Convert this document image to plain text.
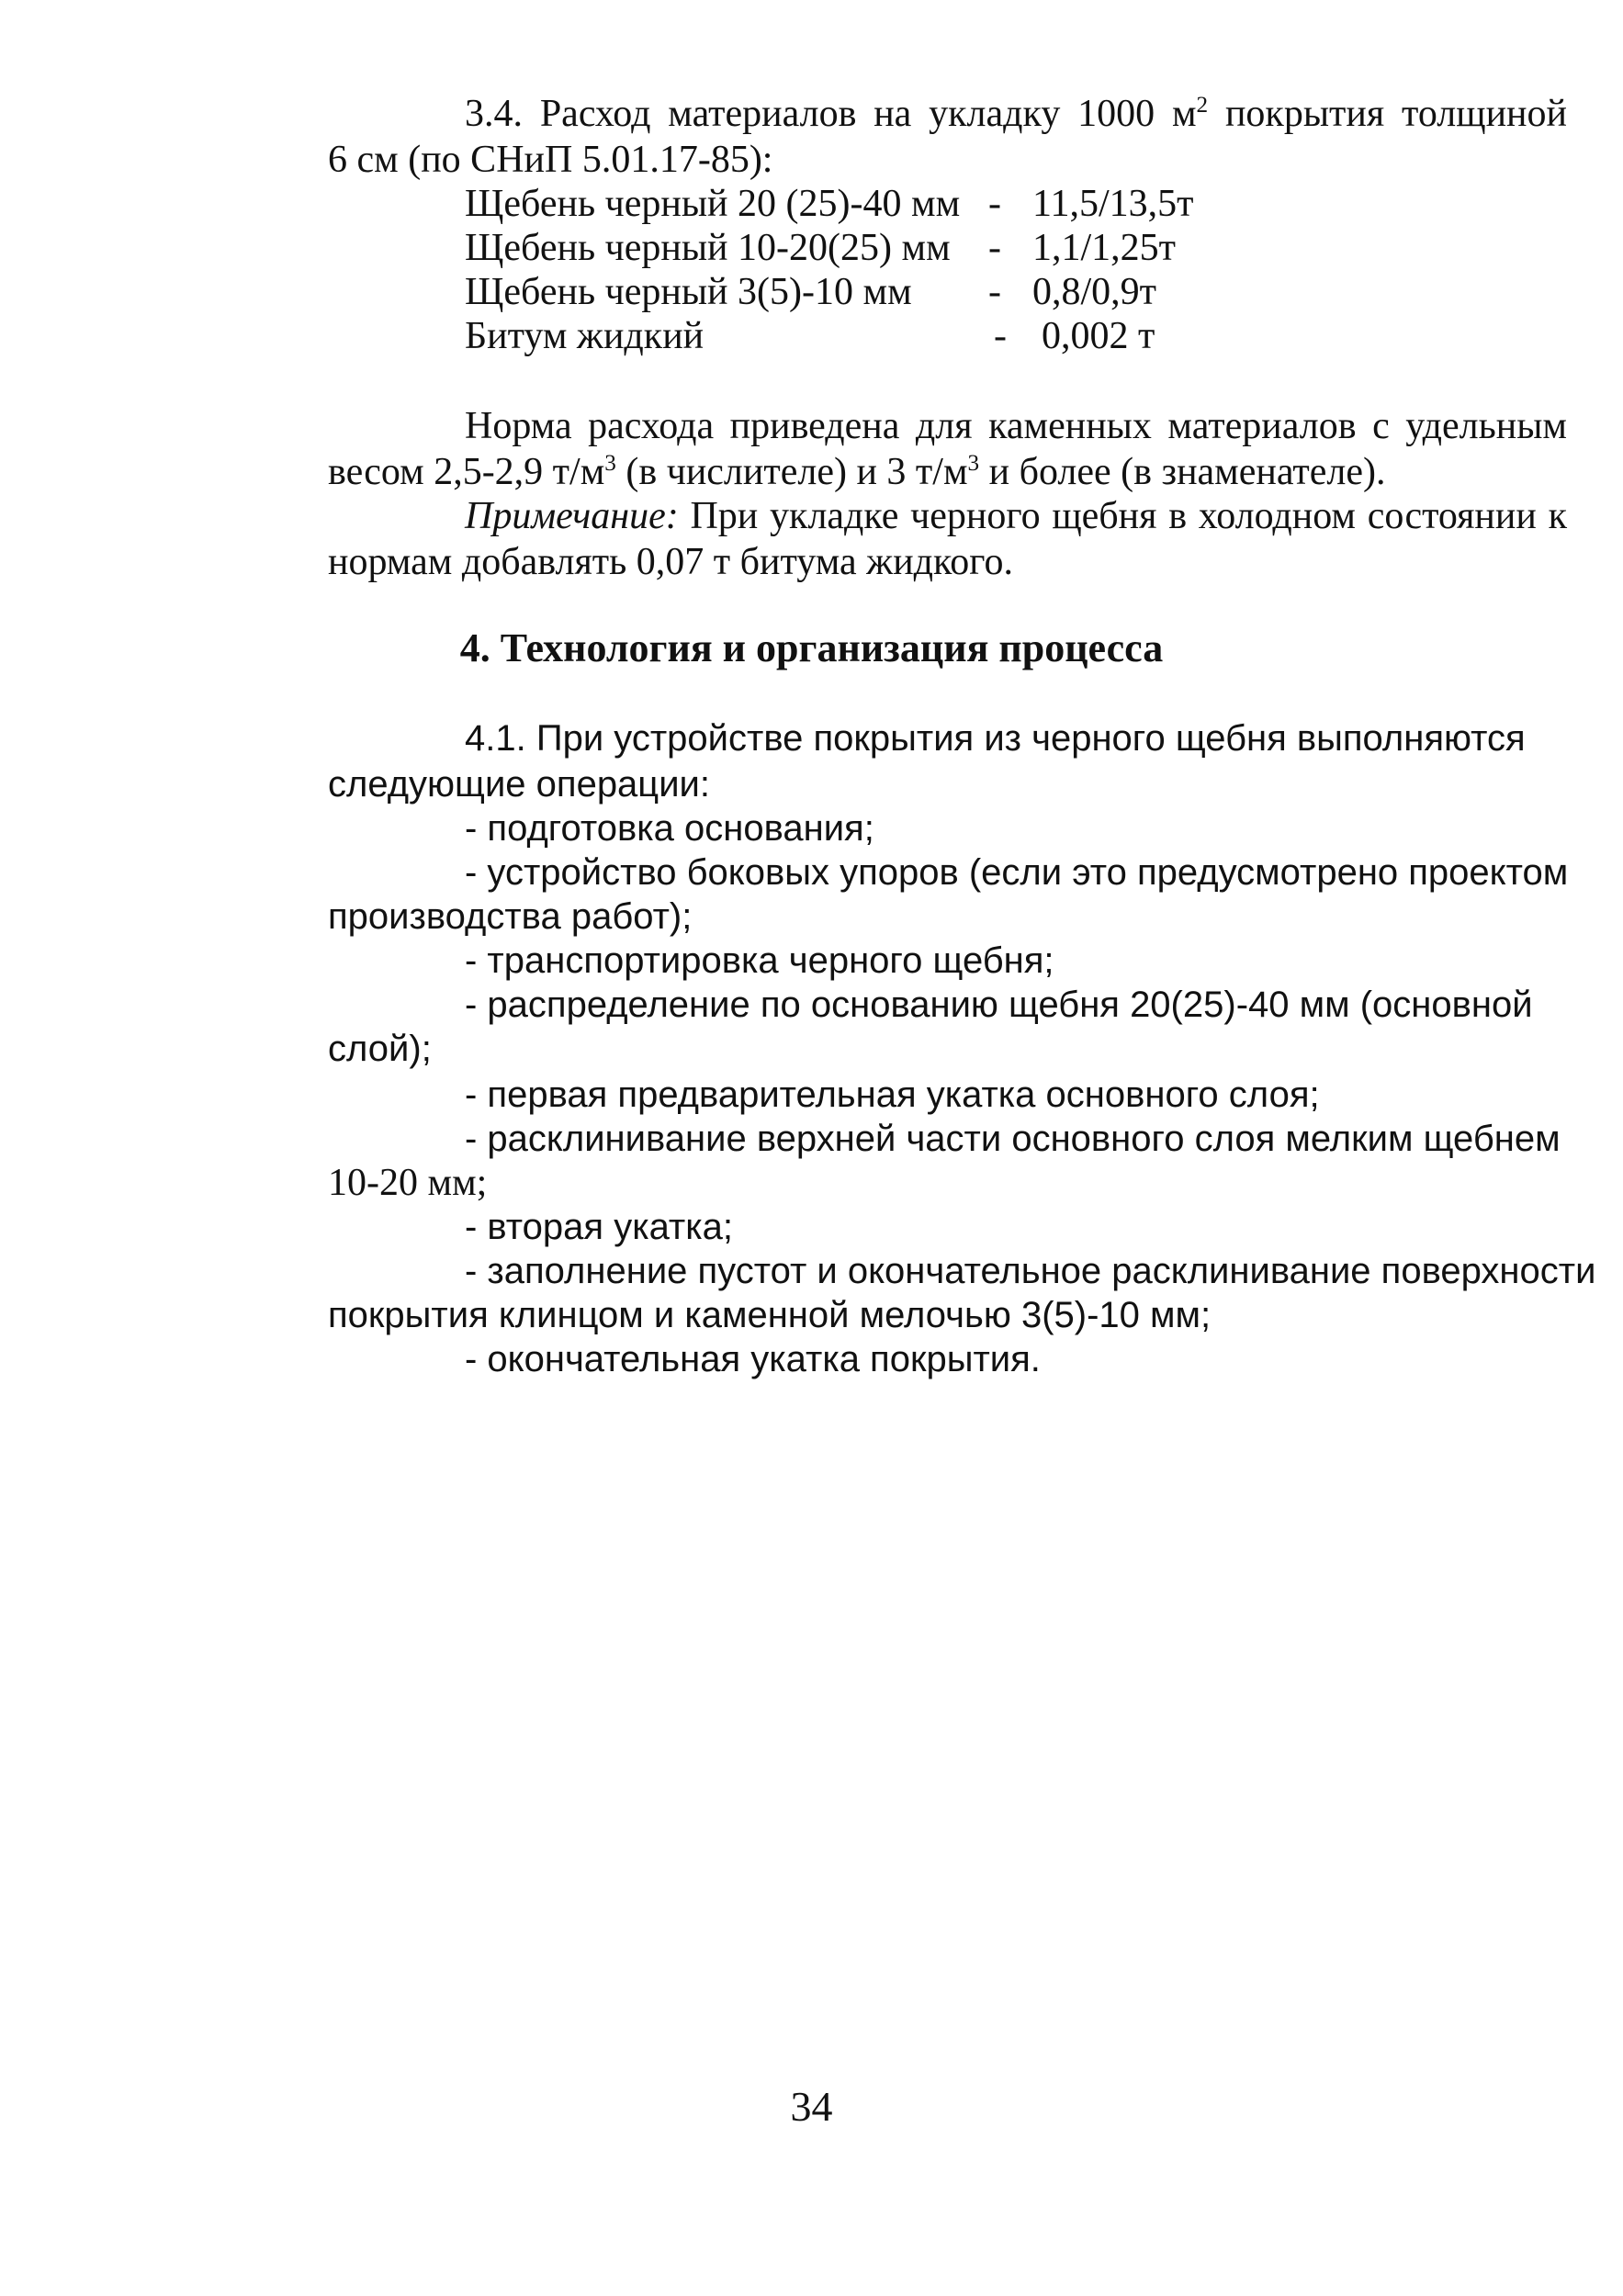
3.4. Расход материалов на укладку 1000 $м^2$ покрытия толщиной
6 см (по СНиП 5.01.17-85):
Щебень черный 20 (25)-40 мм - 11,5/13,5т
Щебень черный 10-20(25) мм - 1,1/1,25т
Щебень черный 3(5)-10 мм - 0,8/0,9т
Битум жидкий	- 0,002 т
Норма расхода приведена для каменных материалов с удельным
весом 2,5-2,9 $т/м^3$ (в числителе) и 3 $т/м^3$ и более (в знаменателе).
Примечание: При укладке черного щебня в холодном состоянии к
нормам добавлять 0,07 т битума жидкого.
4. Технология и организация процесса
4.1. При устройстве покрытия из черного щебня выполняются
следующие операции:
- подготовка основания;
- устройство боковых упоров (если это предусмотрено проектом
производства работ);
- транспортировка черного щебня;
- распределение по основанию щебня 20(25)-40 мм (основной
слой);
- первая предварительная укатка основного слоя;
- расклинивание верхней части основного слоя мелким щебнем
10-20 мм;
- вторая укатка;
- заполнение пустот и окончательное расклинивание поверхности
покрытия клинцом и каменной мелочью 3(5)-10 мм;
- окончательная укатка покрытия.
34
